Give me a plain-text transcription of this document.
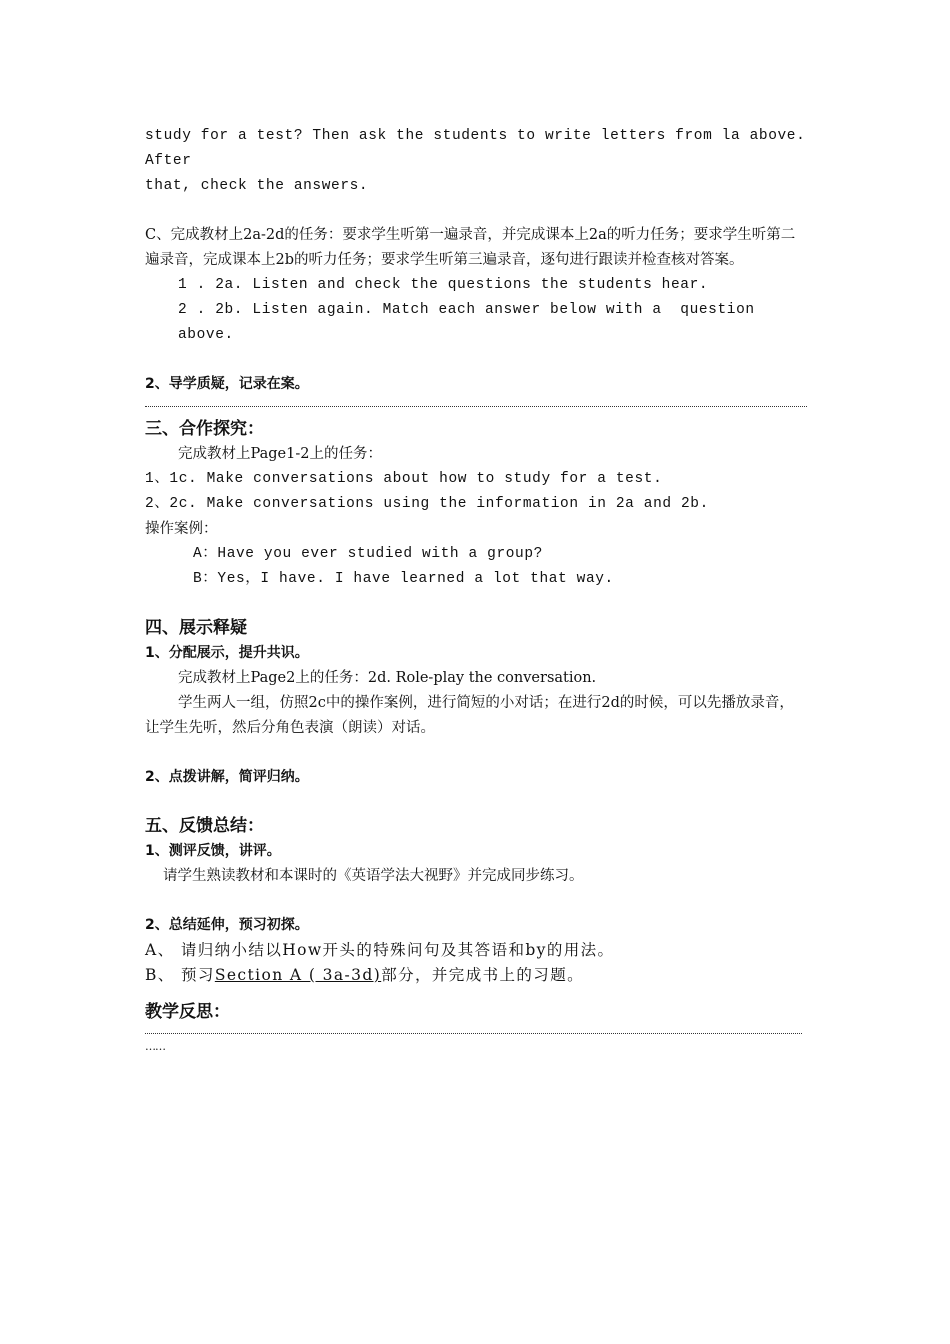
study for a test? Then ask the students to write letters from la above. After

that, check the answers.

C、完成教材上2a-2d的任务：要求学生听第一遍录音，并完成课本上2a的听力任务；要求学生听第二遍录音，完成课本上2b的听力任务；要求学生听第三遍录音，逐句进行跟读并检查核对答案。

1 . 2a. Listen and check the questions the students hear.

2 . 2b. Listen again. Match each answer below with a  question above.

2、导学质疑，记录在案。

三、合作探究：

完成教材上Page1-2上的任务：

1、1c. Make conversations about how to study for a test.

2、2c. Make conversations using the information in 2a and 2b.

操作案例：

A：Have you ever studied with a group?

B：Yes，I have. I have learned a lot that way.

四、展示释疑

1、分配展示，提升共识。

完成教材上Page2上的任务：2d. Role-play the conversation.

学生两人一组，仿照2c中的操作案例，进行简短的小对话；在进行2d的时候，可以先播放录音，让学生先听，然后分角色表演（朗读）对话。

2、点拨讲解，简评归纳。

五、反馈总结：

1、测评反馈，讲评。

请学生熟读教材和本课时的《英语学法大视野》并完成同步练习。

2、总结延伸，预习初探。

A、 请归纳小结以How开头的特殊问句及其答语和by的用法。

B、 预习Section A ( 3a-3d)部分，并完成书上的习题。

教学反思：

……
